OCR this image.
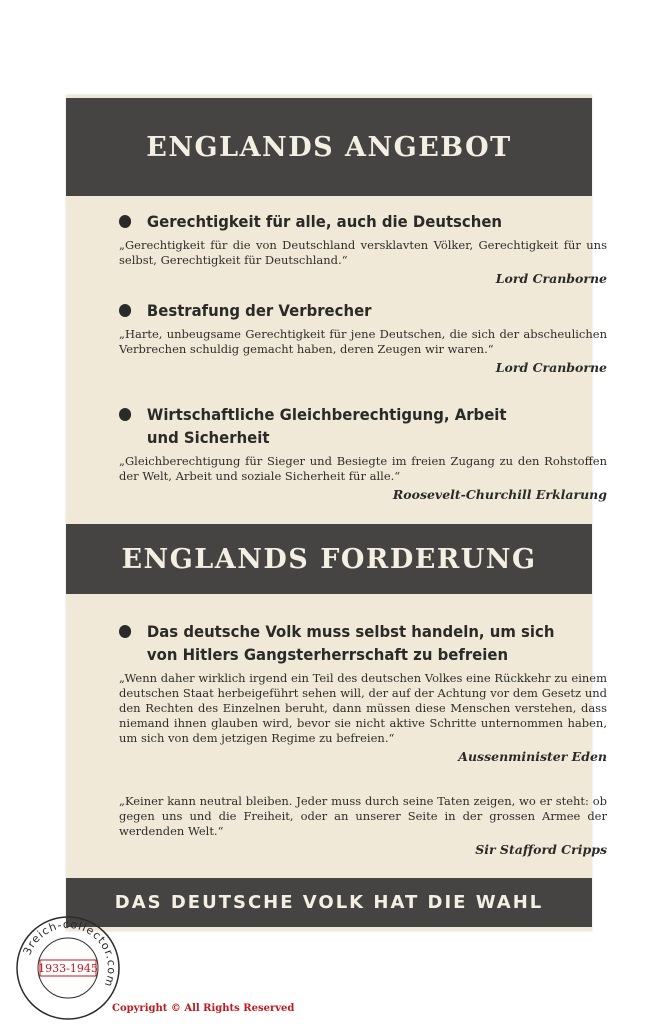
ENGLANDS ANGEBOT
Gerechtigkeit für alle, auch die Deutschen
„Gerechtigkeit für die von Deutschland versklavten Völker, Gerechtigkeit für uns selbst, Gerechtigkeit für Deutschland.“
Lord Cranborne
Bestrafung der Verbrecher
„Harte, unbeugsame Gerechtigkeit für jene Deutschen, die sich der abscheulichen Verbrechen schuldig gemacht haben, deren Zeugen wir waren.“
Lord Cranborne
Wirtschaftliche Gleichberechtigung, Arbeit und Sicherheit
„Gleichberechtigung für Sieger und Besiegte im freien Zugang zu den Rohstoffen der Welt, Arbeit und soziale Sicherheit für alle.“
Roosevelt-Churchill Erklarung
ENGLANDS FORDERUNG
Das deutsche Volk muss selbst handeln, um sich von Hitlers Gangsterherrschaft zu befreien
„Wenn daher wirklich irgend ein Teil des deutschen Volkes eine Rückkehr zu einem deutschen Staat herbeigeführt sehen will, der auf der Achtung vor dem Gesetz und den Rechten des Einzelnen beruht, dann müssen diese Menschen verstehen, dass niemand ihnen glauben wird, bevor sie nicht aktive Schritte unternommen haben, um sich von dem jetzigen Regime zu befreien.“
Aussenminister Eden
„Keiner kann neutral bleiben. Jeder muss durch seine Taten zeigen, wo er steht: ob gegen uns und die Freiheit, oder an unserer Seite in der grossen Armee der werdenden Welt.“
Sir Stafford Cripps
DAS DEUTSCHE VOLK HAT DIE WAHL
3reich-collector.com
1933-1945
Copyright © All Rights Reserved
